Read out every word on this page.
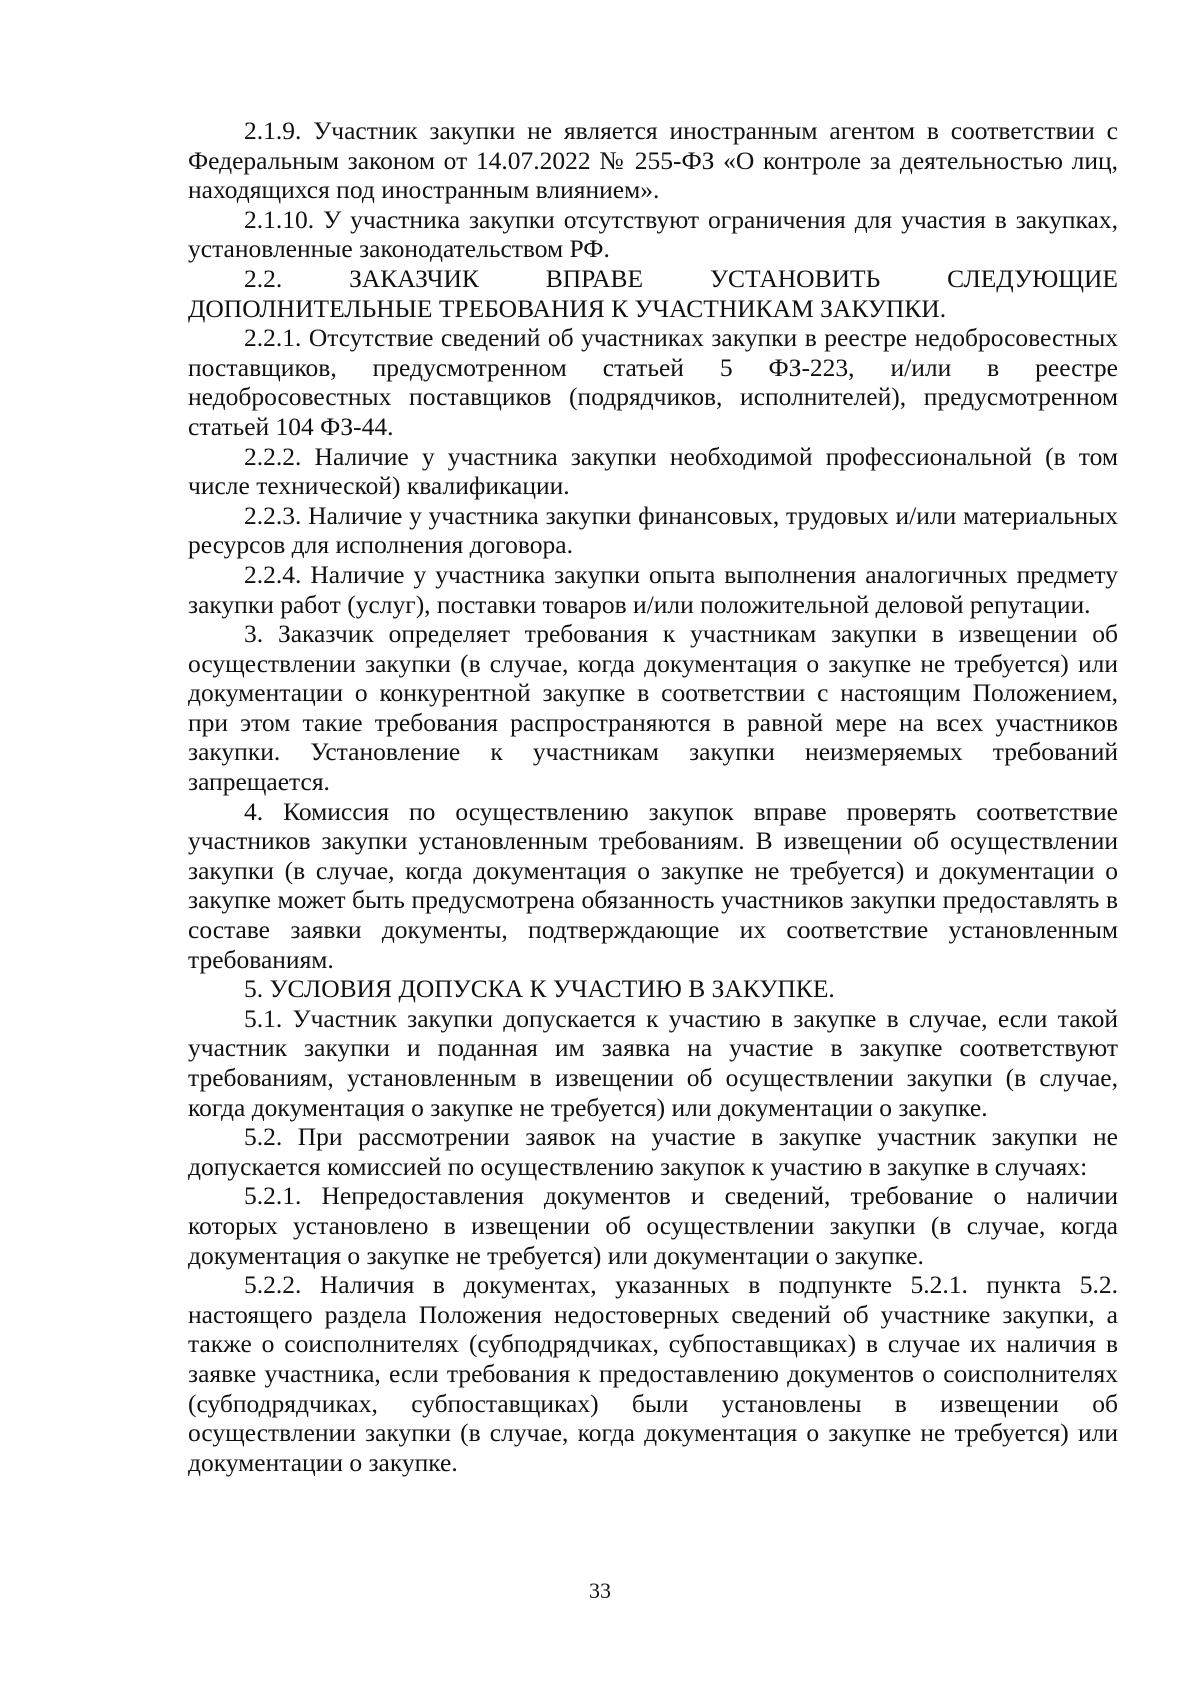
2.1.9. Участник закупки не является иностранным агентом в соответствии с Федеральным законом от 14.07.2022 № 255-ФЗ «О контроле за деятельностью лиц, находящихся под иностранным влиянием».

2.1.10. У участника закупки отсутствуют ограничения для участия в закупках, установленные законодательством РФ.

2.2. ЗАКАЗЧИК ВПРАВЕ УСТАНОВИТЬ СЛЕДУЮЩИЕ ДОПОЛНИТЕЛЬНЫЕ ТРЕБОВАНИЯ К УЧАСТНИКАМ ЗАКУПКИ.

2.2.1. Отсутствие сведений об участниках закупки в реестре недобросовестных поставщиков, предусмотренном статьей 5 ФЗ-223, и/или в реестре недобросовестных поставщиков (подрядчиков, исполнителей), предусмотренном статьей 104 ФЗ-44.

2.2.2. Наличие у участника закупки необходимой профессиональной (в том числе технической) квалификации.

2.2.3. Наличие у участника закупки финансовых, трудовых и/или материальных ресурсов для исполнения договора.

2.2.4. Наличие у участника закупки опыта выполнения аналогичных предмету закупки работ (услуг), поставки товаров и/или положительной деловой репутации.

3. Заказчик определяет требования к участникам закупки в извещении об осуществлении закупки (в случае, когда документация о закупке не требуется) или документации о конкурентной закупке в соответствии с настоящим Положением, при этом такие требования распространяются в равной мере на всех участников закупки. Установление к участникам закупки неизмеряемых требований запрещается.

4. Комиссия по осуществлению закупок вправе проверять соответствие участников закупки установленным требованиям. В извещении об осуществлении закупки (в случае, когда документация о закупке не требуется) и документации о закупке может быть предусмотрена обязанность участников закупки предоставлять в составе заявки документы, подтверждающие их соответствие установленным требованиям.

5. УСЛОВИЯ ДОПУСКА К УЧАСТИЮ В ЗАКУПКЕ.

5.1. Участник закупки допускается к участию в закупке в случае, если такой участник закупки и поданная им заявка на участие в закупке соответствуют требованиям, установленным в извещении об осуществлении закупки (в случае, когда документация о закупке не требуется) или документации о закупке.

5.2. При рассмотрении заявок на участие в закупке участник закупки не допускается комиссией по осуществлению закупок к участию в закупке в случаях:

5.2.1. Непредоставления документов и сведений, требование о наличии которых установлено в извещении об осуществлении закупки (в случае, когда документация о закупке не требуется) или документации о закупке.

5.2.2. Наличия в документах, указанных в подпункте 5.2.1. пункта 5.2. настоящего раздела Положения недостоверных сведений об участнике закупки, а также о соисполнителях (субподрядчиках, субпоставщиках) в случае их наличия в заявке участника, если требования к предоставлению документов о соисполнителях (субподрядчиках, субпоставщиках) были установлены в извещении об осуществлении закупки (в случае, когда документация о закупке не требуется) или документации о закупке.

33
